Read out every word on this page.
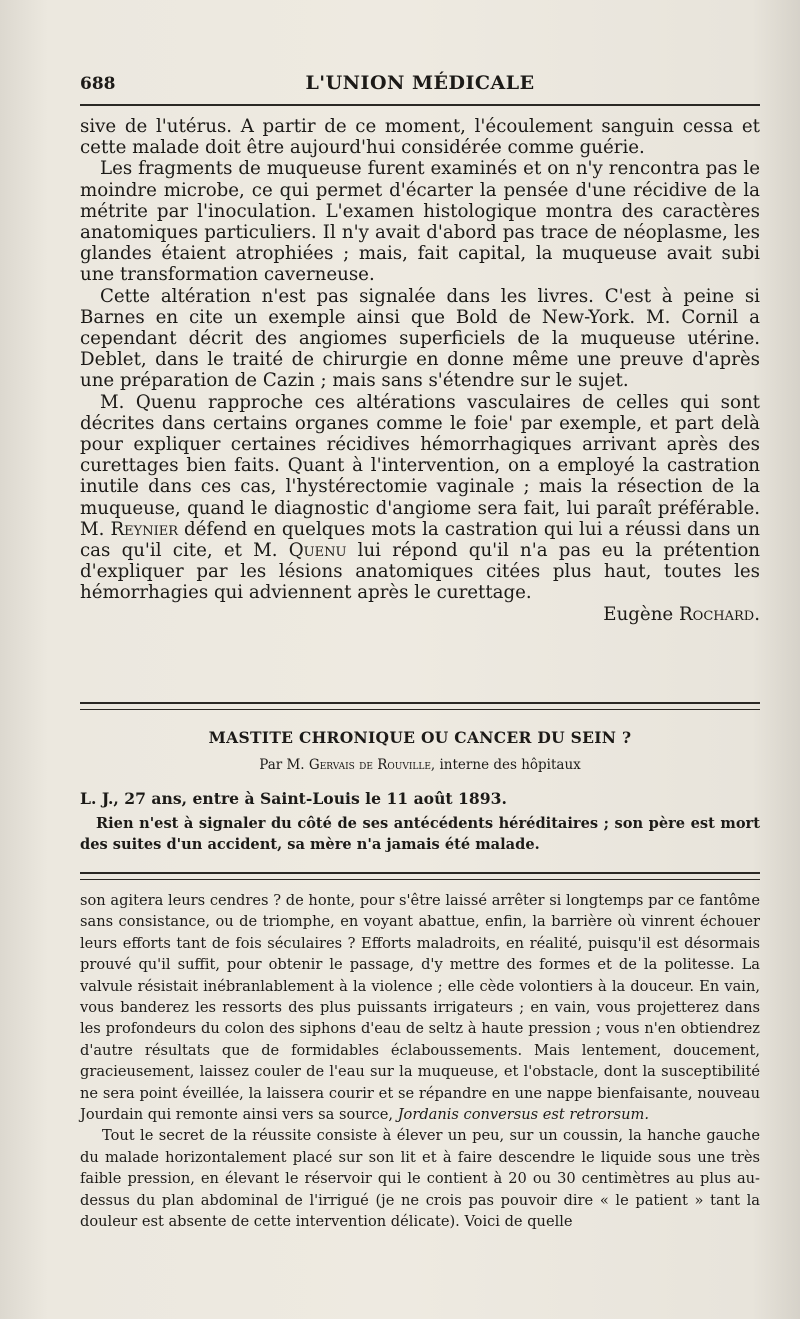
688	L'UNION MÉDICALE

sive de l'utérus. A partir de ce moment, l'écoulement sanguin cessa et cette malade doit être aujourd'hui considérée comme guérie.

Les fragments de muqueuse furent examinés et on n'y rencontra pas le moindre microbe, ce qui permet d'écarter la pensée d'une récidive de la métrite par l'inoculation. L'examen histologique montra des caractères anatomiques particuliers. Il n'y avait d'abord pas trace de néoplasme, les glandes étaient atrophiées ; mais, fait capital, la muqueuse avait subi une transformation caverneuse.

Cette altération n'est pas signalée dans les livres. C'est à peine si Barnes en cite un exemple ainsi que Bold de New-York. M. Cornil a cependant décrit des angiomes superficiels de la muqueuse utérine. Deblet, dans le traité de chirurgie en donne même une preuve d'après une préparation de Cazin ; mais sans s'étendre sur le sujet.

M. Quenu rapproche ces altérations vasculaires de celles qui sont décrites dans certains organes comme le foie' par exemple, et part delà pour expliquer certaines récidives hémorrhagiques arrivant après des curettages bien faits. Quant à l'intervention, on a employé la castration inutile dans ces cas, l'hystérectomie vaginale ; mais la résection de la muqueuse, quand le diagnostic d'angiome sera fait, lui paraît préférable. M. Reynier défend en quelques mots la castration qui lui a réussi dans un cas qu'il cite, et M. Quenu lui répond qu'il n'a pas eu la prétention d'expliquer par les lésions anatomiques citées plus haut, toutes les hémorrhagies qui adviennent après le curettage.

Eugène Rochard.
MASTITE CHRONIQUE OU CANCER DU SEIN ?
Par M. Gervais de Rouville, interne des hôpitaux

L. J., 27 ans, entre à Saint-Louis le 11 août 1893.

Rien n'est à signaler du côté de ses antécédents héréditaires ; son père est mort des suites d'un accident, sa mère n'a jamais été malade.

son agitera leurs cendres ? de honte, pour s'être laissé arrêter si longtemps par ce fantôme sans consistance, ou de triomphe, en voyant abattue, enfin, la barrière où vinrent échouer leurs efforts tant de fois séculaires ? Efforts maladroits, en réalité, puisqu'il est désormais prouvé qu'il suffit, pour obtenir le passage, d'y mettre des formes et de la politesse. La valvule résistait inébranlablement à la violence ; elle cède volontiers à la douceur. En vain, vous banderez les ressorts des plus puissants irrigateurs ; en vain, vous projetterez dans les profondeurs du colon des siphons d'eau de seltz à haute pression ; vous n'en obtiendrez d'autre résultats que de formidables éclaboussements. Mais lentement, doucement, gracieusement, laissez couler de l'eau sur la muqueuse, et l'obstacle, dont la susceptibilité ne sera point éveillée, la laissera courir et se répandre en une nappe bienfaisante, nouveau Jourdain qui remonte ainsi vers sa source, Jordanis conversus est retrorsum.

Tout le secret de la réussite consiste à élever un peu, sur un coussin, la hanche gauche du malade horizontalement placé sur son lit et à faire descendre le liquide sous une très faible pression, en élevant le réservoir qui le contient à 20 ou 30 centimètres au plus au-dessus du plan abdominal de l'irrigué (je ne crois pas pouvoir dire « le patient » tant la douleur est absente de cette intervention délicate). Voici de quelle
